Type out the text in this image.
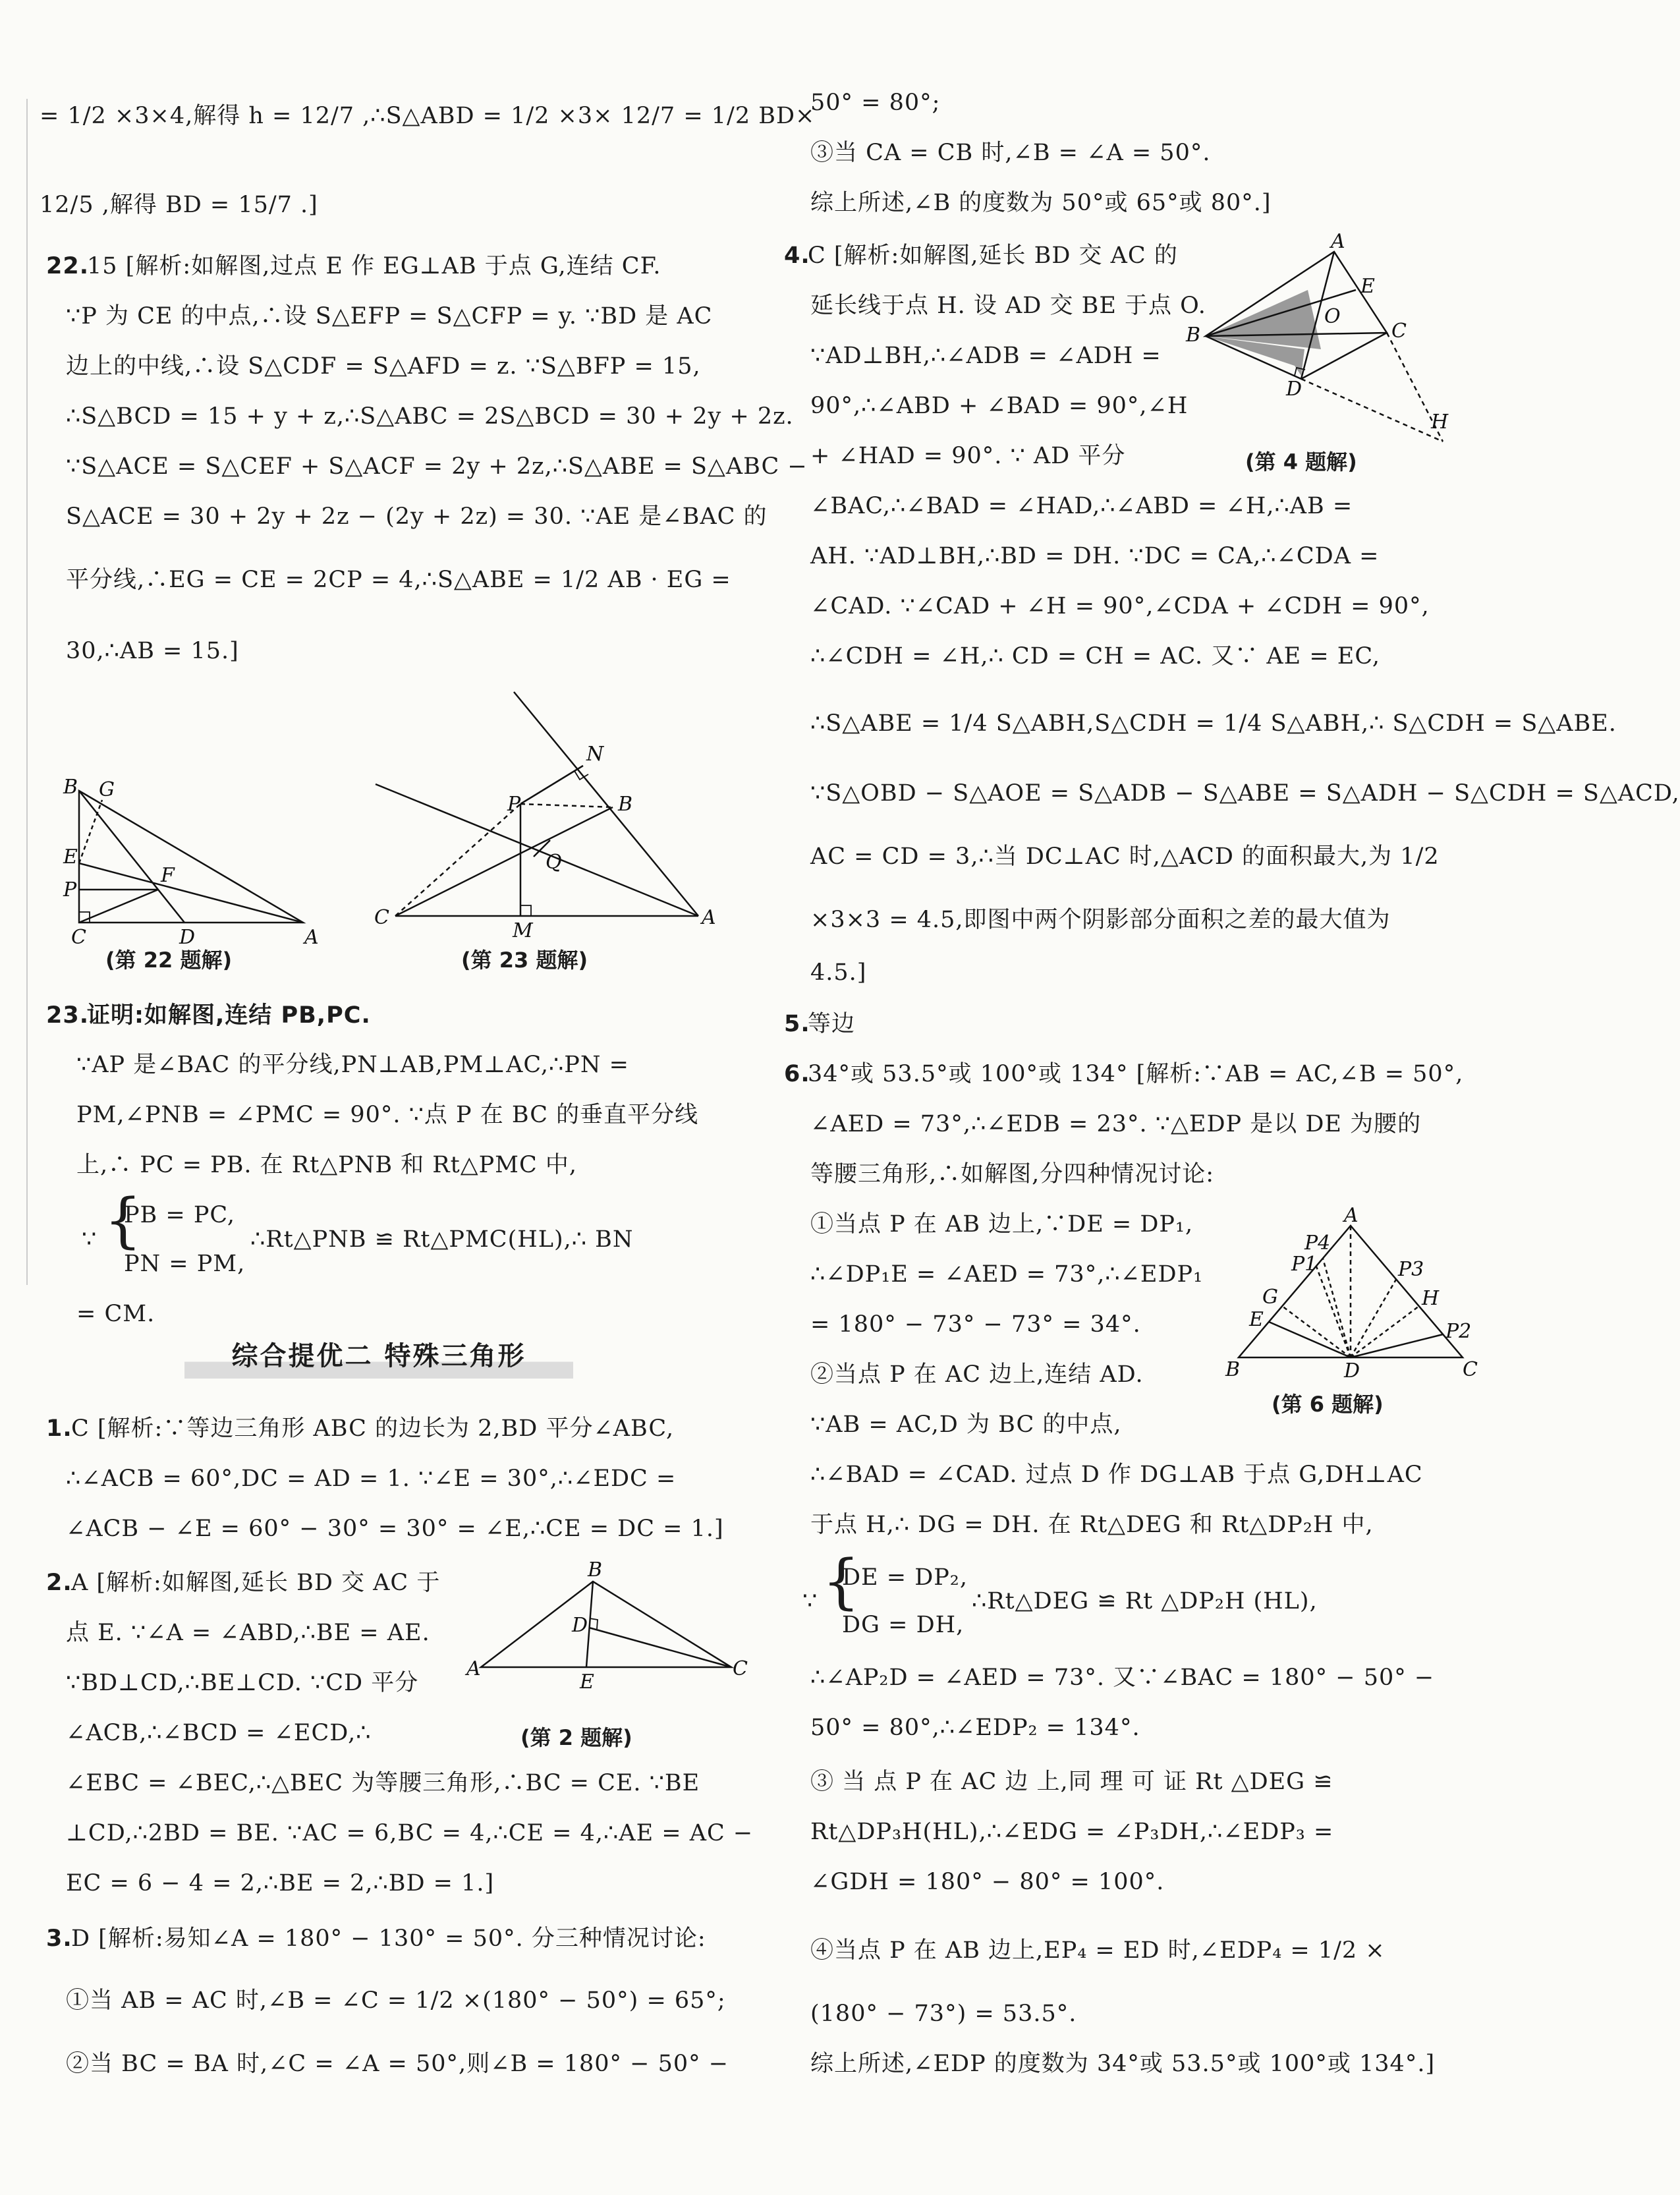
= 1/2 ×3×4,解得 h = 12/7 ,∴S△ABD = 1/2 ×3× 12/7 = 1/2 BD×
12/5 ,解得 BD = 15/7 .]
22.
15 [解析:如解图,过点 E 作 EG⊥AB 于点 G,连结 CF.
∵P 为 CE 的中点,∴设 S△EFP = S△CFP = y. ∵BD 是 AC
边上的中线,∴设 S△CDF = S△AFD = z. ∵S△BFP = 15,
∴S△BCD = 15 + y + z,∴S△ABC = 2S△BCD = 30 + 2y + 2z.
∵S△ACE = S△CEF + S△ACF = 2y + 2z,∴S△ABE = S△ABC −
S△ACE = 30 + 2y + 2z − (2y + 2z) = 30. ∵AE 是∠BAC 的
平分线,∴EG = CE = 2CP = 4,∴S△ABE = 1/2 AB · EG =
30,∴AB = 15.]
B G
E
P
F
C	D	A
(第 22 题解)
N
P	B
Q
C
M
A
(第 23 题解)
23.
证明:如解图,连结 PB,PC.
∵AP 是∠BAC 的平分线,PN⊥AB,PM⊥AC,∴PN =
PM,∠PNB = ∠PMC = 90°. ∵点 P 在 BC 的垂直平分线
上,∴ PC = PB. 在 Rt△PNB 和 Rt△PMC 中,
∵ {
PB = PC,
∴Rt△PNB ≌ Rt△PMC(HL),∴ BN
PN = PM,
= CM.
综合提优二 特殊三角形
1.
C [解析:∵等边三角形 ABC 的边长为 2,BD 平分∠ABC,
∴∠ACB = 60°,DC = AD = 1. ∵∠E = 30°,∴∠EDC =
∠ACB − ∠E = 60° − 30° = 30° = ∠E,∴CE = DC = 1.]
2.
A [解析:如解图,延长 BD 交 AC 于
点 E. ∵∠A = ∠ABD,∴BE = AE.
∵BD⊥CD,∴BE⊥CD. ∵CD 平分
∠ACB,∴∠BCD = ∠ECD,∴
B
D
A
E
C
(第 2 题解)
∠EBC = ∠BEC,∴△BEC 为等腰三角形,∴BC = CE. ∵BE
⊥CD,∴2BD = BE. ∵AC = 6,BC = 4,∴CE = 4,∴AE = AC −
EC = 6 − 4 = 2,∴BE = 2,∴BD = 1.]
3.
D [解析:易知∠A = 180° − 130° = 50°. 分三种情况讨论:
①当 AB = AC 时,∠B = ∠C = 1/2 ×(180° − 50°) = 65°;
②当 BC = BA 时,∠C = ∠A = 50°,则∠B = 180° − 50° −
50° = 80°;
③当 CA = CB 时,∠B = ∠A = 50°.
综上所述,∠B 的度数为 50°或 65°或 80°.]
4.
C [解析:如解图,延长 BD 交 AC 的
延长线于点 H. 设 AD 交 BE 于点 O.
∵AD⊥BH,∴∠ADB = ∠ADH =
90°,∴∠ABD + ∠BAD = 90°,∠H
+ ∠HAD = 90°. ∵ AD 平分
A
E
B
O
C
D
H
(第 4 题解)
∠BAC,∴∠BAD = ∠HAD,∴∠ABD = ∠H,∴AB =
AH. ∵AD⊥BH,∴BD = DH. ∵DC = CA,∴∠CDA =
∠CAD. ∵∠CAD + ∠H = 90°,∠CDA + ∠CDH = 90°,
∴∠CDH = ∠H,∴ CD = CH = AC. 又∵ AE = EC,
∴S△ABE = 1/4 S△ABH,S△CDH = 1/4 S△ABH,∴ S△CDH = S△ABE.
∵S△OBD − S△AOE = S△ADB − S△ABE = S△ADH − S△CDH = S△ACD,
AC = CD = 3,∴当 DC⊥AC 时,△ACD 的面积最大,为 1/2
×3×3 = 4.5,即图中两个阴影部分面积之差的最大值为
4.5.]
5.
等边
6.
34°或 53.5°或 100°或 134° [解析:∵AB = AC,∠B = 50°,
∠AED = 73°,∴∠EDB = 23°. ∵△EDP 是以 DE 为腰的
等腰三角形,∴如解图,分四种情况讨论:
①当点 P 在 AB 边上,∵DE = DP₁,
∴∠DP₁E = ∠AED = 73°,∴∠EDP₁
= 180° − 73° − 73° = 34°.
②当点 P 在 AC 边上,连结 AD.
∵AB = AC,D 为 BC 的中点,
A
P4
P1	P3
G	H
E
P2
B	D	C
(第 6 题解)
∴∠BAD = ∠CAD. 过点 D 作 DG⊥AB 于点 G,DH⊥AC
于点 H,∴ DG = DH. 在 Rt△DEG 和 Rt△DP₂H 中,
∵ {
DE = DP₂,
∴Rt△DEG ≌ Rt △DP₂H (HL),
DG = DH,
∴∠AP₂D = ∠AED = 73°. 又∵∠BAC = 180° − 50° −
50° = 80°,∴∠EDP₂ = 134°.
③ 当 点 P 在 AC 边 上,同 理 可 证 Rt △DEG ≌
Rt△DP₃H(HL),∴∠EDG = ∠P₃DH,∴∠EDP₃ =
∠GDH = 180° − 80° = 100°.
④当点 P 在 AB 边上,EP₄ = ED 时,∠EDP₄ = 1/2 ×
(180° − 73°) = 53.5°.
综上所述,∠EDP 的度数为 34°或 53.5°或 100°或 134°.]
